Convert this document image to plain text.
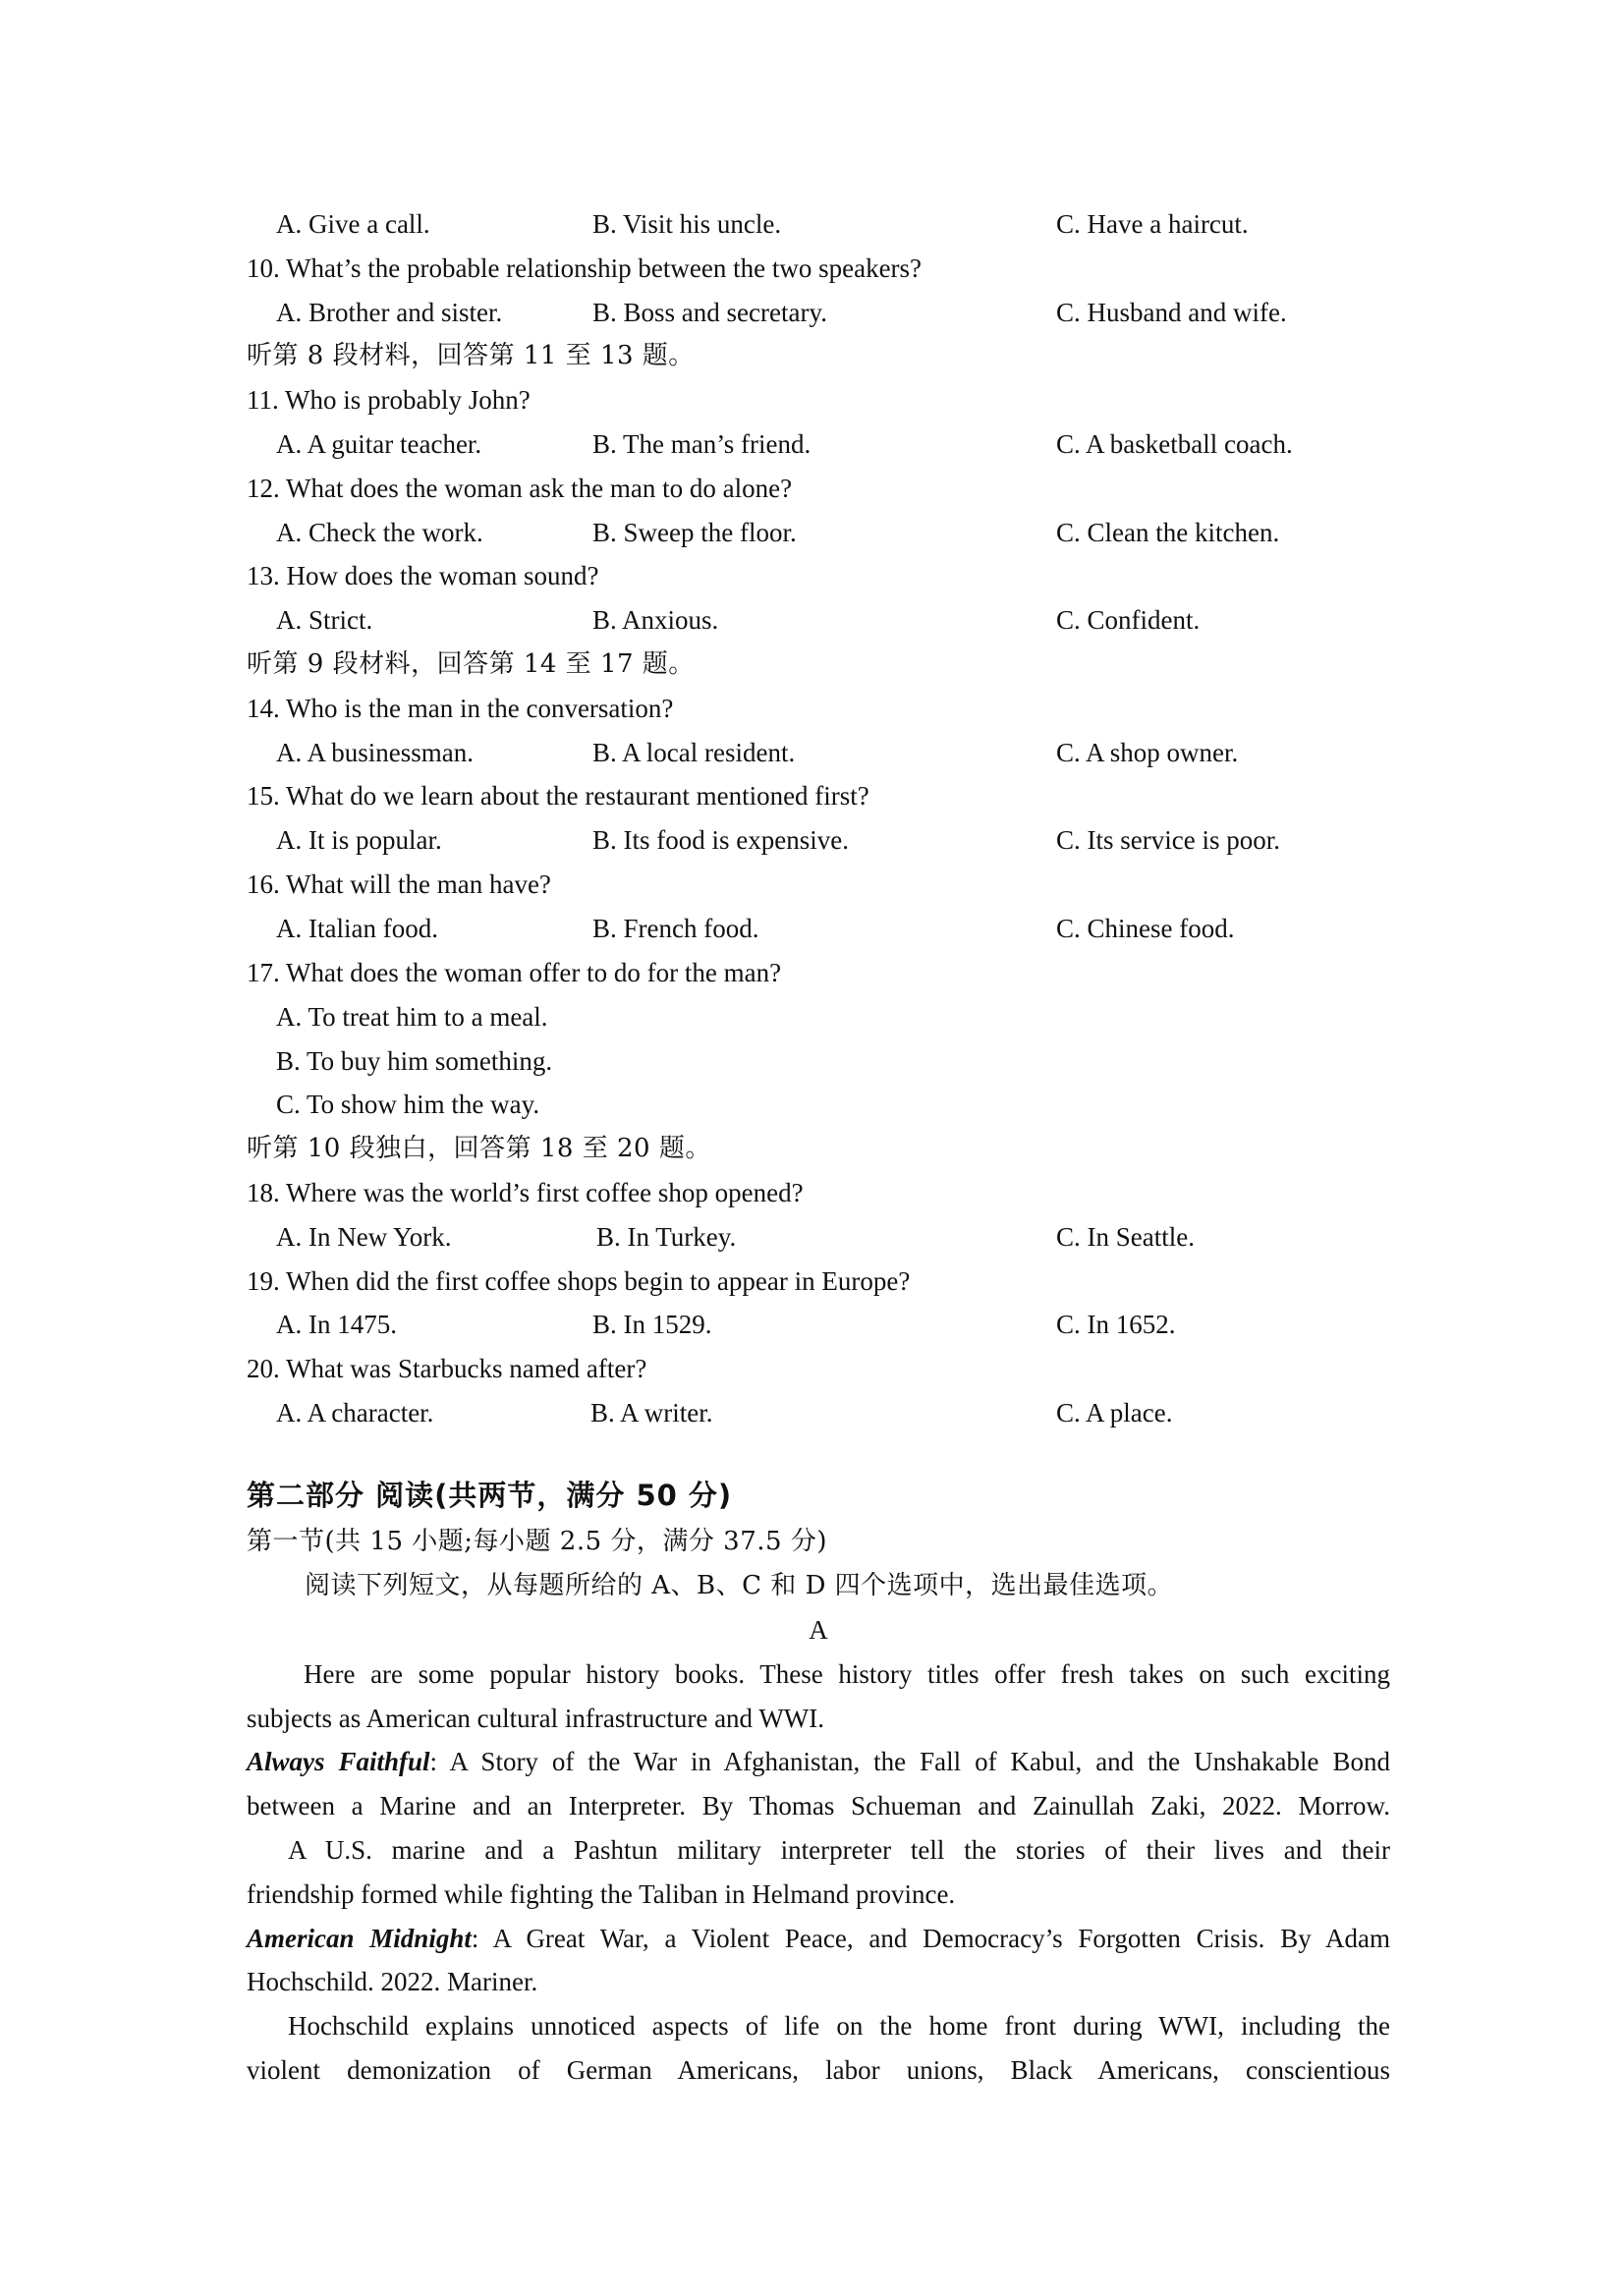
A. Give a call.	B. Visit his uncle.	C. Have a haircut.
10. What’s the probable relationship between the two speakers?
A. Brother and sister.	B. Boss and secretary.	C. Husband and wife.
听第 8 段材料，回答第 11 至 13 题。
11. Who is probably John?
A. A guitar teacher.	B. The man’s friend.	C. A basketball coach.
12. What does the woman ask the man to do alone?
A. Check the work.	B. Sweep the floor.	C. Clean the kitchen.
13. How does the woman sound?
A. Strict.	B. Anxious.	C. Confident.
听第 9 段材料，回答第 14 至 17 题。
14. Who is the man in the conversation?
A. A businessman.	B. A local resident.	C. A shop owner.
15. What do we learn about the restaurant mentioned first?
A. It is popular.	B. Its food is expensive.	C. Its service is poor.
16. What will the man have?
A. Italian food.	B. French food.	C. Chinese food.
17. What does the woman offer to do for the man?
A. To treat him to a meal.
B. To buy him something.
C. To show him the way.
听第 10 段独白，回答第 18 至 20 题。
18. Where was the world’s first coffee shop opened?
A. In New York.	B. In Turkey.	C. In Seattle.
19. When did the first coffee shops begin to appear in Europe?
A. In 1475.	B. In 1529.	C. In 1652.
20. What was Starbucks named after?
A. A character.	B. A writer.	C. A place.
第二部分 阅读(共两节，满分 50 分)
第一节(共 15 小题;每小题 2.5 分，满分 37.5 分)
阅读下列短文，从每题所给的 A、B、C 和 D 四个选项中，选出最佳选项。
A
Here are some popular history books. These history titles offer fresh takes on such exciting
subjects as American cultural infrastructure and WWI.
Always Faithful: A Story of the War in Afghanistan, the Fall of Kabul, and the Unshakable Bond
between a Marine and an Interpreter. By Thomas Schueman and Zainullah Zaki, 2022. Morrow.
A U.S. marine and a Pashtun military interpreter tell the stories of their lives and their
friendship formed while fighting the Taliban in Helmand province.
American Midnight: A Great War, a Violent Peace, and Democracy’s Forgotten Crisis. By Adam
Hochschild. 2022. Mariner.
Hochschild explains unnoticed aspects of life on the home front during WWI, including the
violent demonization of German Americans, labor unions, Black Americans, conscientious
